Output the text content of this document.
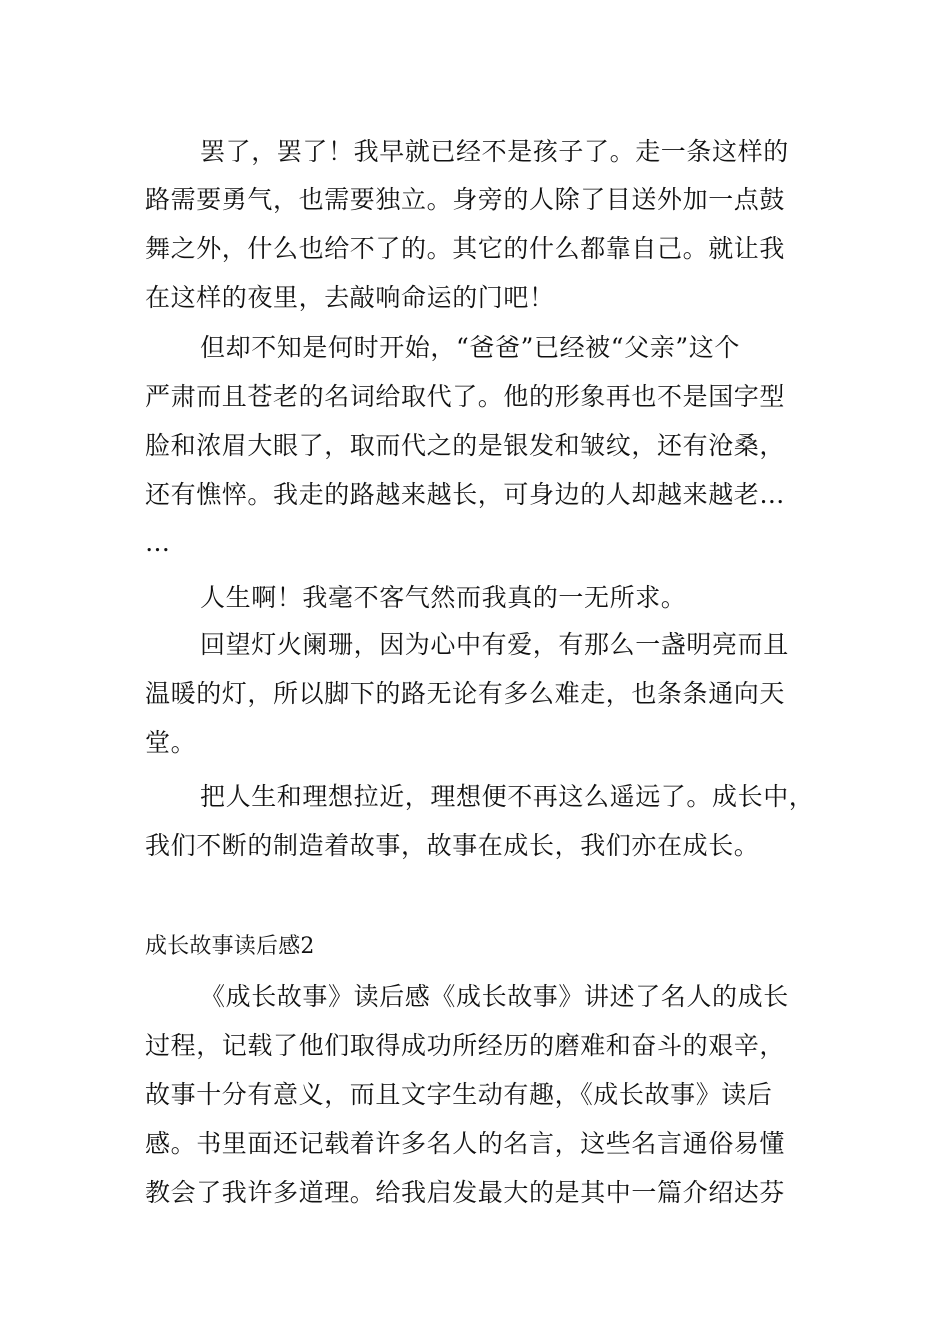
罢了，罢了！我早就已经不是孩子了。走一条这样的
路需要勇气，也需要独立。身旁的人除了目送外加一点鼓
舞之外，什么也给不了的。其它的什么都靠自己。就让我
在这样的夜里，去敲响命运的门吧！
但却不知是何时开始，“爸爸”已经被“父亲”这个
严肃而且苍老的名词给取代了。他的形象再也不是国字型
脸和浓眉大眼了，取而代之的是银发和皱纹，还有沧桑，
还有憔悴。我走的路越来越长，可身边的人却越来越老…
…
人生啊！我毫不客气然而我真的一无所求。
回望灯火阑珊，因为心中有爱，有那么一盏明亮而且
温暖的灯，所以脚下的路无论有多么难走，也条条通向天
堂。
把人生和理想拉近，理想便不再这么遥远了。成长中，
我们不断的制造着故事，故事在成长，我们亦在成长。
成长故事读后感2
《成长故事》读后感《成长故事》讲述了名人的成长
过程，记载了他们取得成功所经历的磨难和奋斗的艰辛，
故事十分有意义，而且文字生动有趣，《成长故事》读后
感。书里面还记载着许多名人的名言，这些名言通俗易懂
教会了我许多道理。给我启发最大的是其中一篇介绍达芬
